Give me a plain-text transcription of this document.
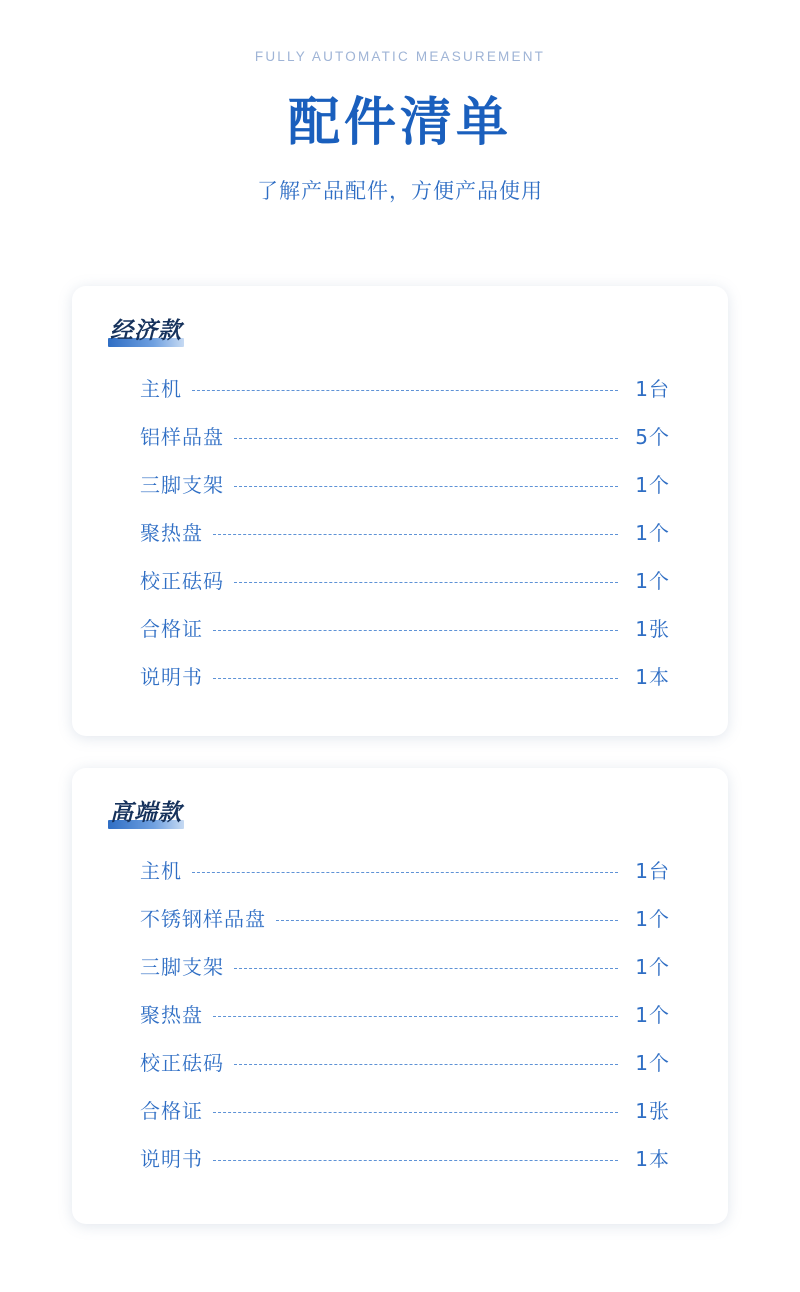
FULLY AUTOMATIC MEASUREMENT
配件清单
了解产品配件，方便产品使用
经济款
主机	1台
铝样品盘	5个
三脚支架	1个
聚热盘	1个
校正砝码	1个
合格证	1张
说明书	1本
高端款
主机	1台
不锈钢样品盘	1个
三脚支架	1个
聚热盘	1个
校正砝码	1个
合格证	1张
说明书	1本
